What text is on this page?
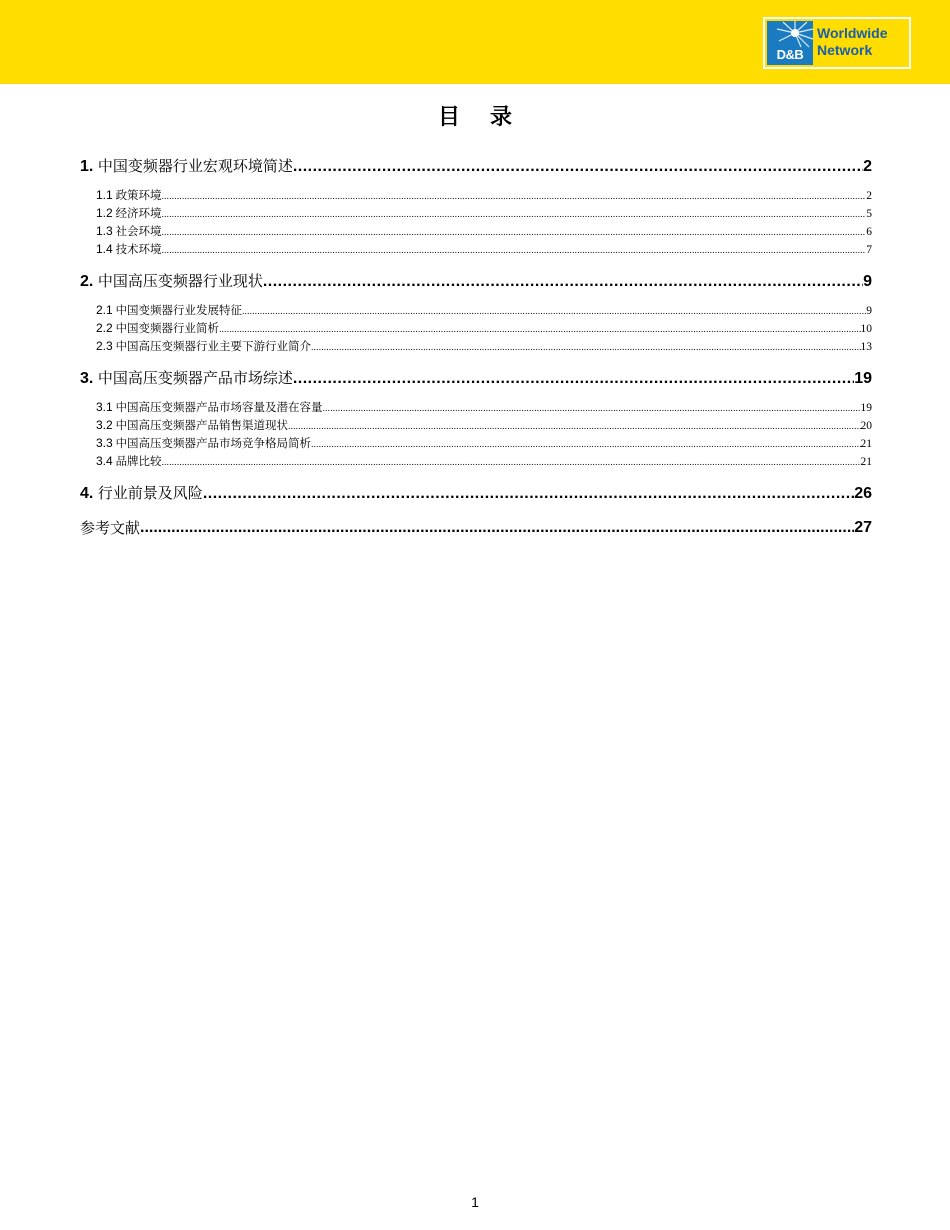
D&B
Worldwide
Network
目录
1. 中国变频器行业宏观环境简述 .....	2
1.1 政策环境 .....	2
1.2 经济环境 .....	5
1.3 社会环境 .....	6
1.4 技术环境 .....	7
2. 中国高压变频器行业现状 .....	9
2.1 中国变频器行业发展特征 .....	9
2.2 中国变频器行业简析 .....	10
2.3 中国高压变频器行业主要下游行业简介 .....	13
3. 中国高压变频器产品市场综述 .....	19
3.1 中国高压变频器产品市场容量及潜在容量 .....	19
3.2 中国高压变频器产品销售渠道现状 .....	20
3.3 中国高压变频器产品市场竞争格局简析 .....	21
3.4 品牌比较 .....	21
4. 行业前景及风险 .....	26
参考文献 .....	27
1
